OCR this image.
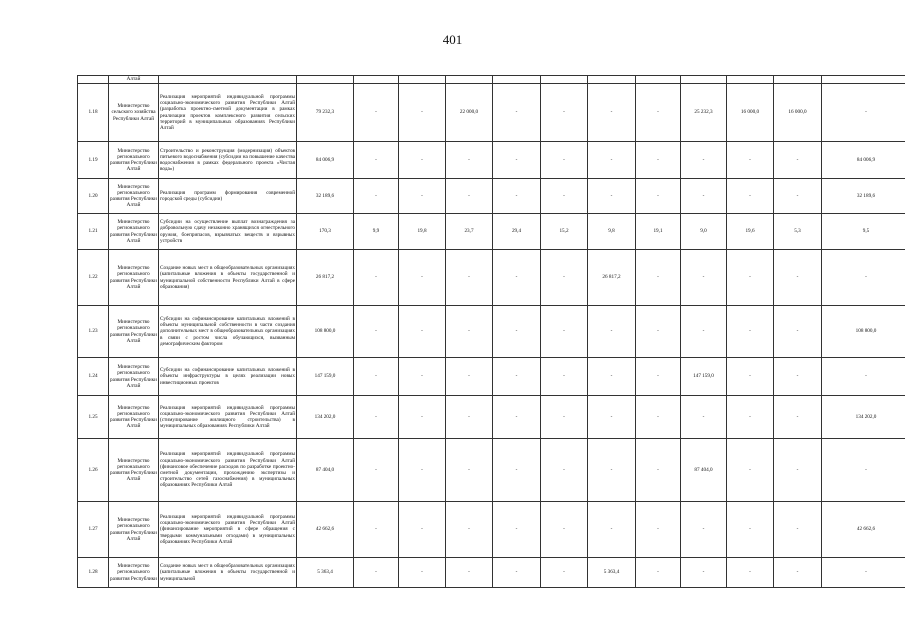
401
	Алтай													
1.18	Министерство сельского хозяйства Республики Алтай	Реализация мероприятий индивидуальной программы социально-экономического развития Республики Алтай (разработка проектно-сметной документации в рамках реализации проектов комплексного развития сельских территорий в муниципальных образованиях Республики Алтай	79 232,3	-	-	22 000,0	-	-	-	-	25 232,3	16 000,0	16 000,0	-
1.19	Министерство регионального развития Республики Алтай	Строительство и реконструкция (модернизация) объектов питьевого водоснабжения (субсидии на повышение качества водоснабжения в рамках федерального проекта «Чистая вода»)	84 006,9	-	-	-	-	-	-	-	-	-	-	84 006,9
1.20	Министерство регионального развития Республики Алтай	Реализация программ формирования современной городской среды (субсидии)	32 189,6	-	-	-	-	-	-	-	-	-	-	32 189,6
1.21	Министерство регионального развития Республики Алтай	Субсидии на осуществление выплат вознаграждения за добровольную сдачу незаконно хранящихся огнестрельного оружия, боеприпасов, взрывчатых веществ и взрывных устройств	170,3	9,9	19,8	23,7	29,4	15,2	9,8	19,1	9,0	19,6	5,3	9,5
1.22	Министерство регионального развития Республики Алтай	Создание новых мест в общеобразовательных организациях (капитальные вложения в объекты государственной и муниципальной собственности Республики Алтай в сфере образования)	26 817,2	-	-	-	-	-	26 817,2	-	-	-	-	-
1.23	Министерство регионального развития Республики Алтай	Субсидии на софинансирование капитальных вложений в объекты муниципальной собственности в части создания дополнительных мест в общеобразовательных организациях в связи с ростом числа обучающихся, вызванным демографическим фактором	108 800,0	-	-	-	-	-	-	-	-	-	-	108 800,0
1.24	Министерство регионального развития Республики Алтай	Субсидии на софинансирование капитальных вложений в объекты инфраструктуры в целях реализации новых инвестиционных проектов	147 159,0	-	-	-	-	-	-	-	147 159,0	-	-	-
1.25	Министерство регионального развития Республики Алтай	Реализация мероприятий индивидуальной программы социально-экономического развития Республики Алтай (стимулирование жилищного строительства) в муниципальных образованиях Республики Алтай	134 202,0	-	-	-	-	-	-	-	-	-	-	134 202,0
1.26	Министерство регионального развития Республики Алтай	Реализация мероприятий индивидуальной программы социально-экономического развития Республики Алтай (финансовое обеспечение расходов по разработке проектно-сметной документации, прохождению экспертизы и строительство сетей газоснабжения) в муниципальных образованиях Республики Алтай	87 404,0	-	-	-	-	-	-	-	87 404,0	-	-	-
1.27	Министерство регионального развития Республики Алтай	Реализация мероприятий индивидуальной программы социально-экономического развития Республики Алтай (финансирование мероприятий в сфере обращения с твердыми коммунальными отходами) в муниципальных образованиях Республики Алтай	42 662,6	-	-	-	-	-	-	-	-	-	-	42 662,6
1.28	Министерство регионального развития Республики	Создание новых мест в общеобразовательных организациях (капитальные вложения в объекты государственной и муниципальной	5 363,4	-	-	-	-	-	5 363,4	-	-	-	-	-
